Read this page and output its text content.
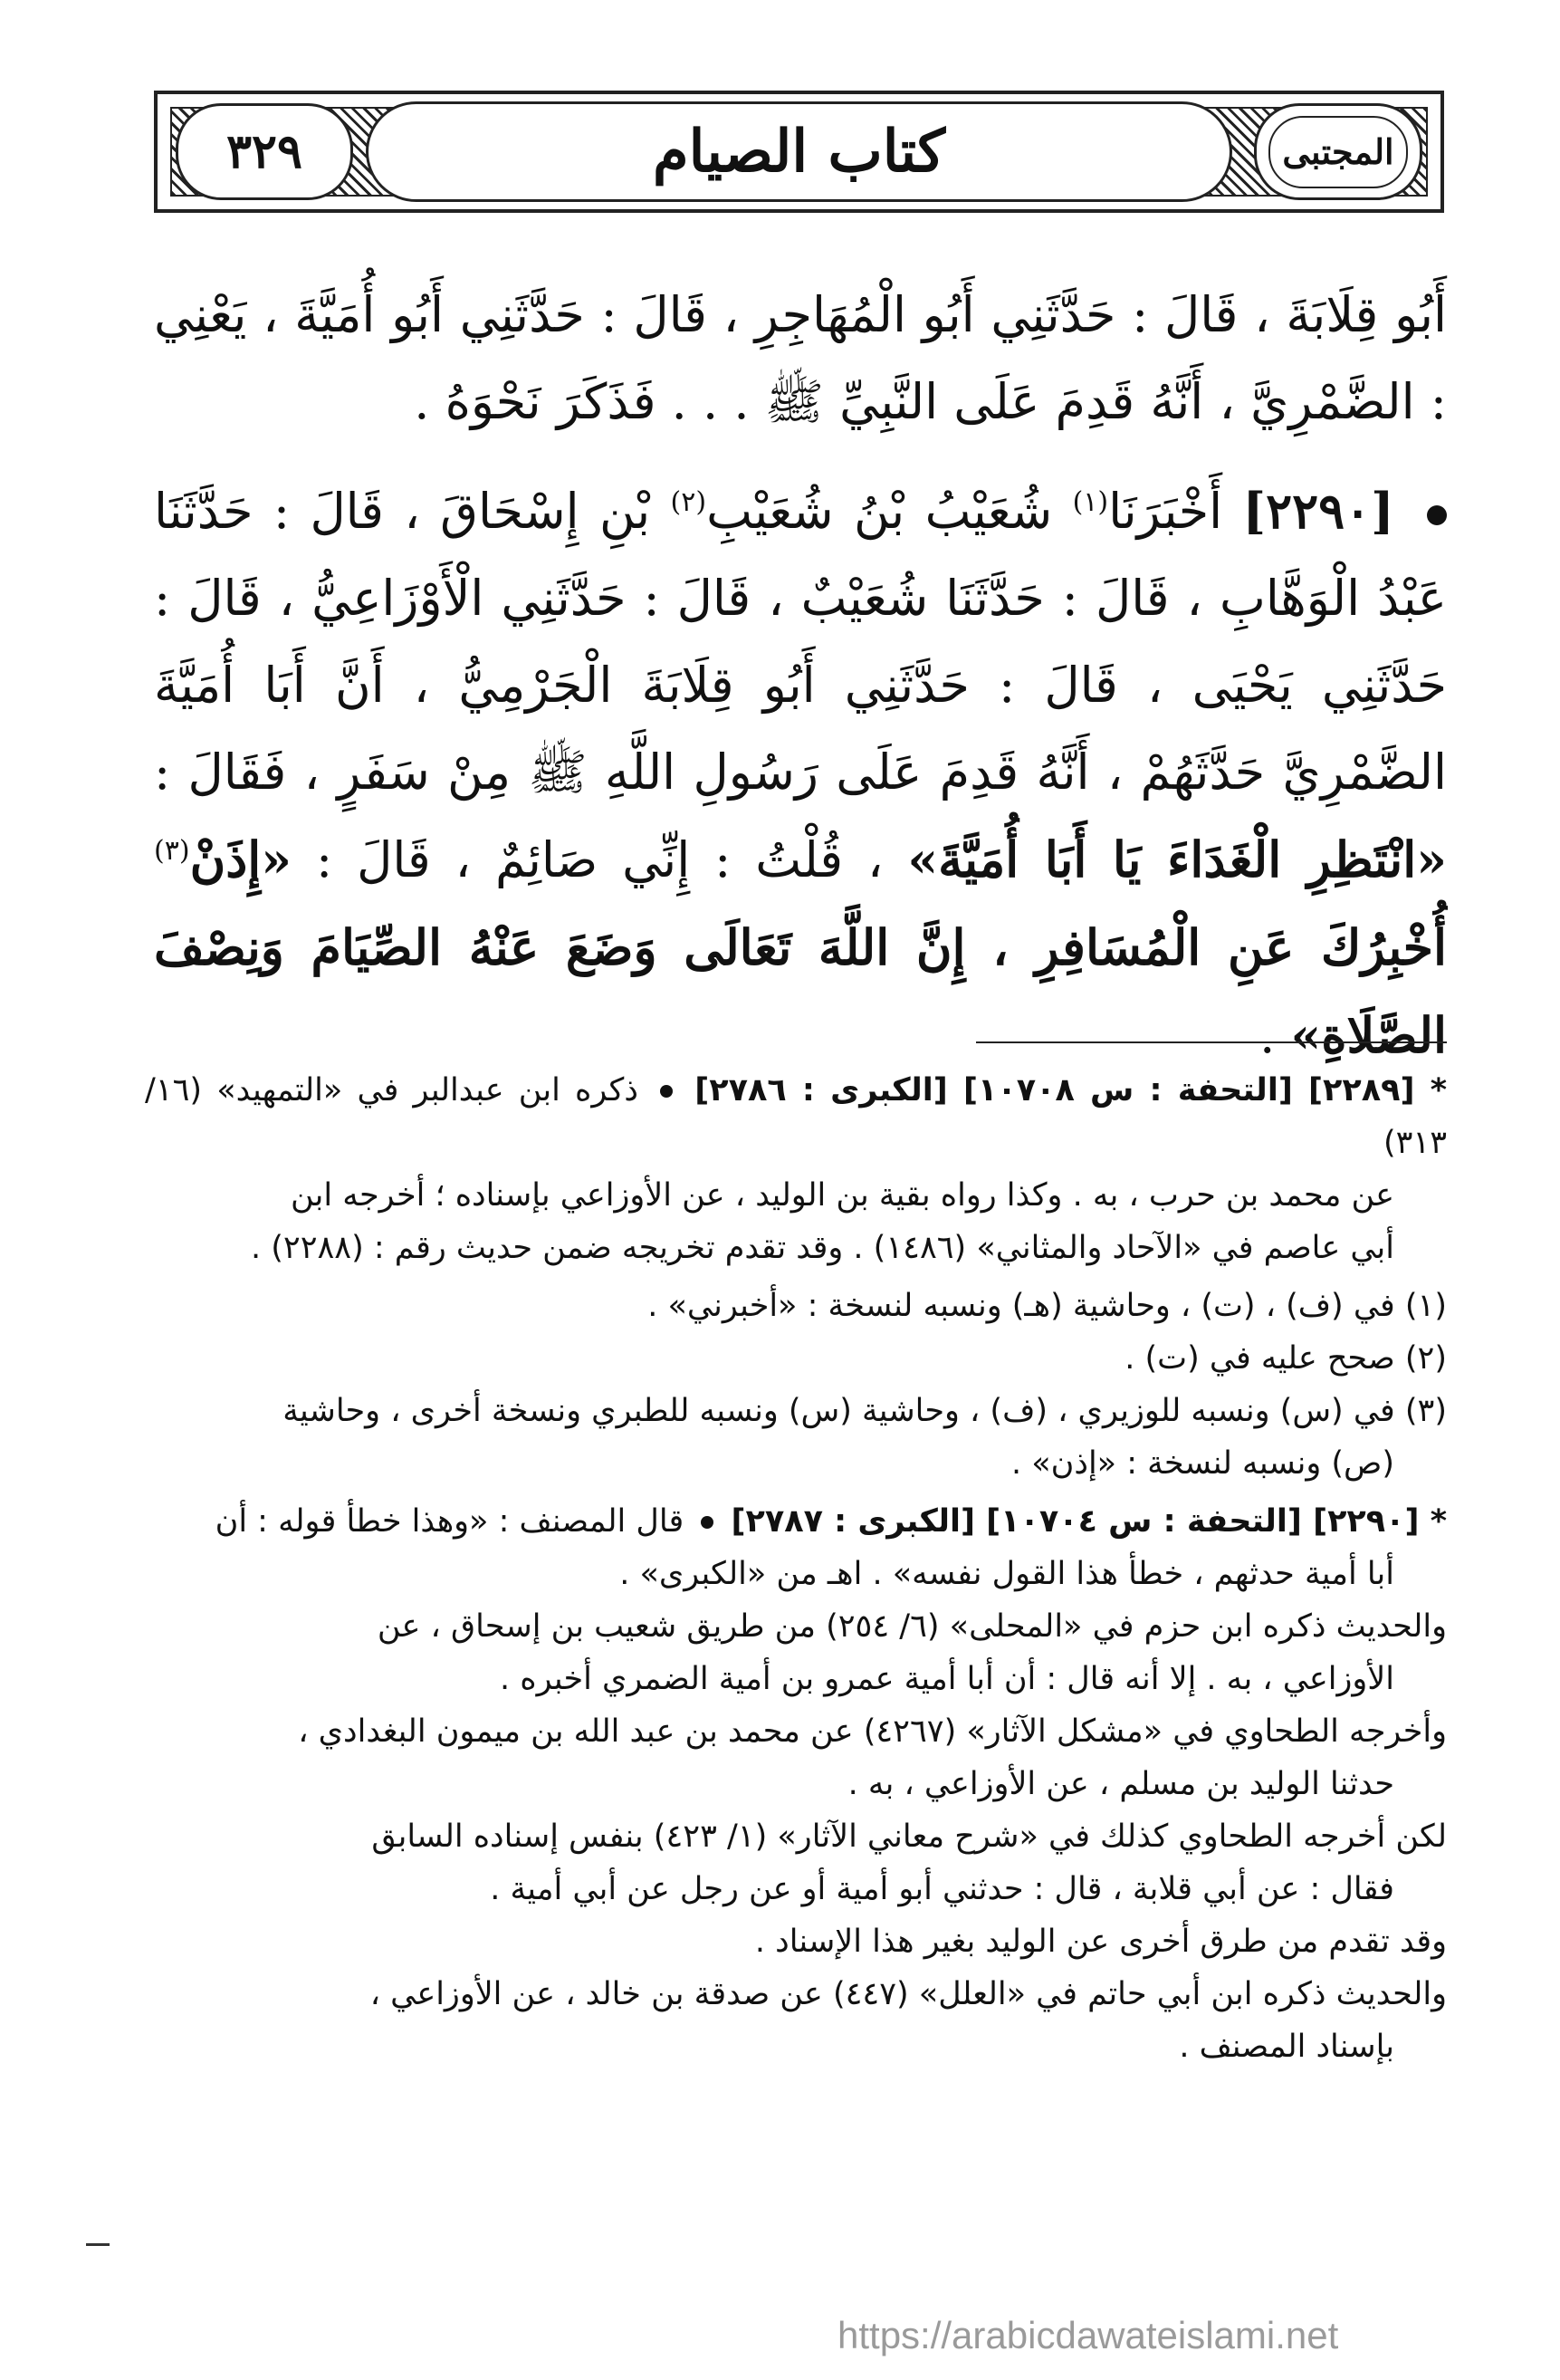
٣٢٩	كتاب الصيام	المجتبى

أَبُو قِلَابَةَ ، قَالَ : حَدَّثَنِي أَبُو الْمُهَاجِرِ ، قَالَ : حَدَّثَنِي أَبُو أُمَيَّةَ ، يَعْنِي : الضَّمْرِيَّ ، أَنَّهُ قَدِمَ عَلَى النَّبِيِّ ﷺ . . . فَذَكَرَ نَحْوَهُ .

[٢٢٩٠] أَخْبَرَنَا$^{(١)}$ شُعَيْبُ بْنُ شُعَيْبِ$^{(٢)}$ بْنِ إِسْحَاقَ ، قَالَ : حَدَّثَنَا عَبْدُ الْوَهَّابِ ، قَالَ : حَدَّثَنَا شُعَيْبٌ ، قَالَ : حَدَّثَنِي الْأَوْزَاعِيُّ ، قَالَ : حَدَّثَنِي يَحْيَى ، قَالَ : حَدَّثَنِي أَبُو قِلَابَةَ الْجَرْمِيُّ ، أَنَّ أَبَا أُمَيَّةَ الضَّمْرِيَّ حَدَّثَهُمْ ، أَنَّهُ قَدِمَ عَلَى رَسُولِ اللَّهِ ﷺ مِنْ سَفَرٍ ، فَقَالَ : «انْتَظِرِ الْغَدَاءَ يَا أَبَا أُمَيَّةَ» ، قُلْتُ : إِنِّي صَائِمٌ ، قَالَ : «إِذَنْ$^{(٣)}$ أُخْبِرُكَ عَنِ الْمُسَافِرِ ، إِنَّ اللَّهَ تَعَالَى وَضَعَ عَنْهُ الصِّيَامَ وَنِصْفَ الصَّلَاةِ» .

* [٢٢٨٩] [التحفة : س ١٠٧٠٨] [الكبرى : ٢٧٨٦]  ذكره ابن عبدالبر في «التمهيد» (١٦/ ٣١٣)

عن محمد بن حرب ، به . وكذا رواه بقية بن الوليد ، عن الأوزاعي بإسناده ؛ أخرجه ابن

أبي عاصم في «الآحاد والمثاني» (١٤٨٦) . وقد تقدم تخريجه ضمن حديث رقم : (٢٢٨٨) .

(١) في (ف) ، (ت) ، وحاشية (هـ) ونسبه لنسخة : «أخبرني» .

(٢) صحح عليه في (ت) .

(٣) في (س) ونسبه للوزيري ، (ف) ، وحاشية (س) ونسبه للطبري ونسخة أخرى ، وحاشية

(ص) ونسبه لنسخة : «إذن» .

* [٢٢٩٠] [التحفة : س ١٠٧٠٤] [الكبرى : ٢٧٨٧]  قال المصنف : «وهذا خطأ قوله : أن

أبا أمية حدثهم ، خطأ هذا القول نفسه» . اهـ من «الكبرى» .

والحديث ذكره ابن حزم في «المحلى» (٦/ ٢٥٤) من طريق شعيب بن إسحاق ، عن

الأوزاعي ، به . إلا أنه قال : أن أبا أمية عمرو بن أمية الضمري أخبره .

وأخرجه الطحاوي في «مشكل الآثار» (٤٢٦٧) عن محمد بن عبد الله بن ميمون البغدادي ،

حدثنا الوليد بن مسلم ، عن الأوزاعي ، به .

لكن أخرجه الطحاوي كذلك في «شرح معاني الآثار» (١/ ٤٢٣) بنفس إسناده السابق

فقال : عن أبي قلابة ، قال : حدثني أبو أمية أو عن رجل عن أبي أمية .

وقد تقدم من طرق أخرى عن الوليد بغير هذا الإسناد .

والحديث ذكره ابن أبي حاتم في «العلل» (٤٤٧) عن صدقة بن خالد ، عن الأوزاعي ،

بإسناد المصنف .

https://arabicdawateislami.net
